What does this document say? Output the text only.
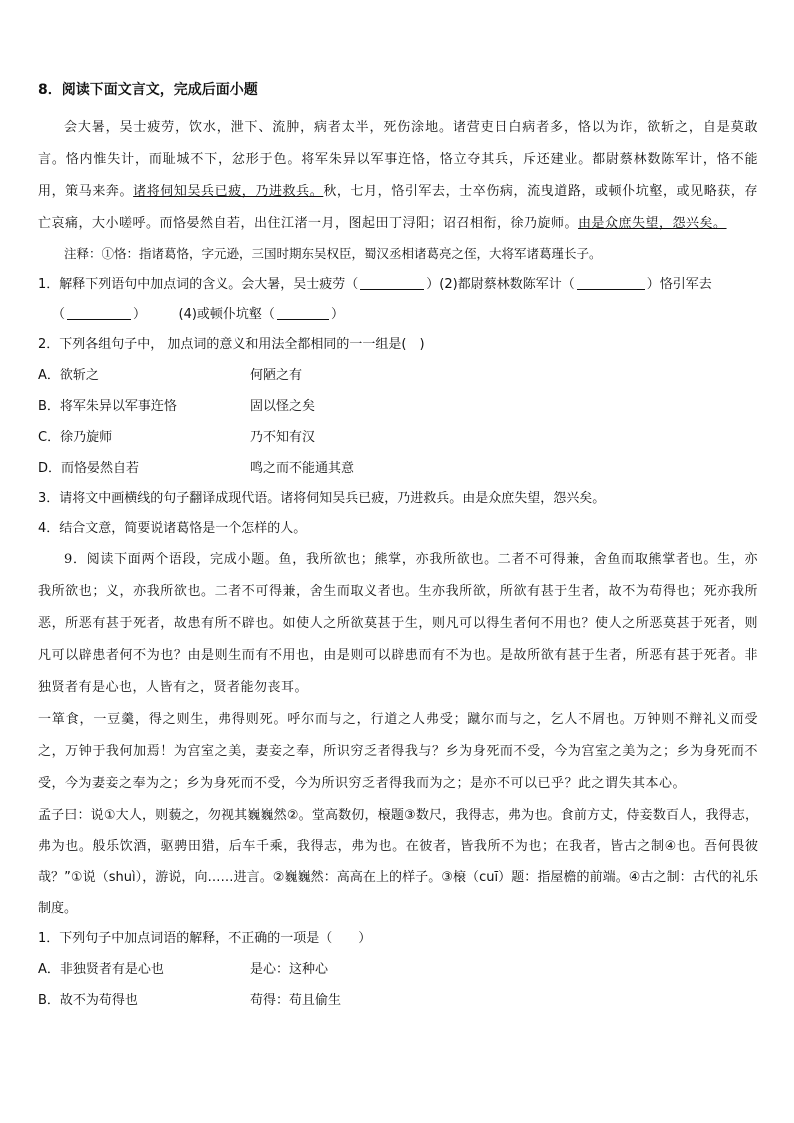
8．阅读下面文言文，完成后面小题
会大暑，吴士疲劳，饮水，泄下、流肿，病者太半，死伤涂地。诸营吏日白病者多，恪以为诈，欲斩之，自是莫敢言。恪内惟失计，而耻城不下，忿形于色。将军朱异以军事迕恪，恪立夺其兵，斥还建业。都尉蔡林数陈军计，恪不能用，策马来奔。诸将伺知吴兵已疲，乃进救兵。秋，七月，恪引军去，士卒伤病，流曳道路，或顿仆坑壑，或见略获，存亡哀痛，大小嗟呼。而恪晏然自若，出住江渚一月，图起田丁浔阳；诏召相衔，徐乃旋师。由是众庶失望，怨兴矣。
注释：①恪：指诸葛恪，字元逊，三国时期东吴权臣，蜀汉丞相诸葛亮之侄，大将军诸葛瑾长子。
1．解释下列语句中加点词的含义。会大暑，吴士疲劳（	）(2)都尉蔡林数陈军计（	）恪引军去
（	）　　　(4)或顿仆坑壑（	）
2．下列各组句子中， 加点词的意义和用法全都相同的一一组是(　)
A．欲斩之	何陋之有
B．将军朱异以军事迕恪	固以怪之矣
C．徐乃旋师	乃不知有汉
D．而恪晏然自若	鸣之而不能通其意
3．请将文中画横线的句子翻译成现代语。诸将伺知吴兵已疲，乃进救兵。由是众庶失望，怨兴矣。
4．结合文意，简要说诸葛恪是一个怎样的人。
9．阅读下面两个语段，完成小题。鱼，我所欲也；熊掌，亦我所欲也。二者不可得兼，舍鱼而取熊掌者也。生，亦我所欲也；义，亦我所欲也。二者不可得兼，舍生而取义者也。生亦我所欲，所欲有甚于生者，故不为苟得也；死亦我所恶，所恶有甚于死者，故患有所不辟也。如使人之所欲莫甚于生，则凡可以得生者何不用也？使人之所恶莫甚于死者，则凡可以辟患者何不为也？由是则生而有不用也，由是则可以辟患而有不为也。是故所欲有甚于生者，所恶有甚于死者。非独贤者有是心也，人皆有之，贤者能勿丧耳。
一箪食，一豆羹，得之则生，弗得则死。呼尔而与之，行道之人弗受；蹴尔而与之，乞人不屑也。万钟则不辩礼义而受之，万钟于我何加焉！为宫室之美，妻妾之奉，所识穷乏者得我与？乡为身死而不受，今为宫室之美为之；乡为身死而不受，今为妻妾之奉为之；乡为身死而不受，今为所识穷乏者得我而为之；是亦不可以已乎？此之谓失其本心。
孟子曰：说①大人，则藐之，勿视其巍巍然②。堂高数仞，榱题③数尺，我得志，弗为也。食前方丈，侍妾数百人，我得志，弗为也。般乐饮酒，驱骋田猎，后车千乘，我得志，弗为也。在彼者，皆我所不为也；在我者，皆古之制④也。吾何畏彼哉？”①说（shuì），游说，向……进言。②巍巍然：高高在上的样子。③榱（cuī）题：指屋檐的前端。④古之制：古代的礼乐制度。
1．下列句子中加点词语的解释，不正确的一项是（　　）
A．非独贤者有是心也	是心：这种心
B．故不为苟得也	苟得：苟且偷生
